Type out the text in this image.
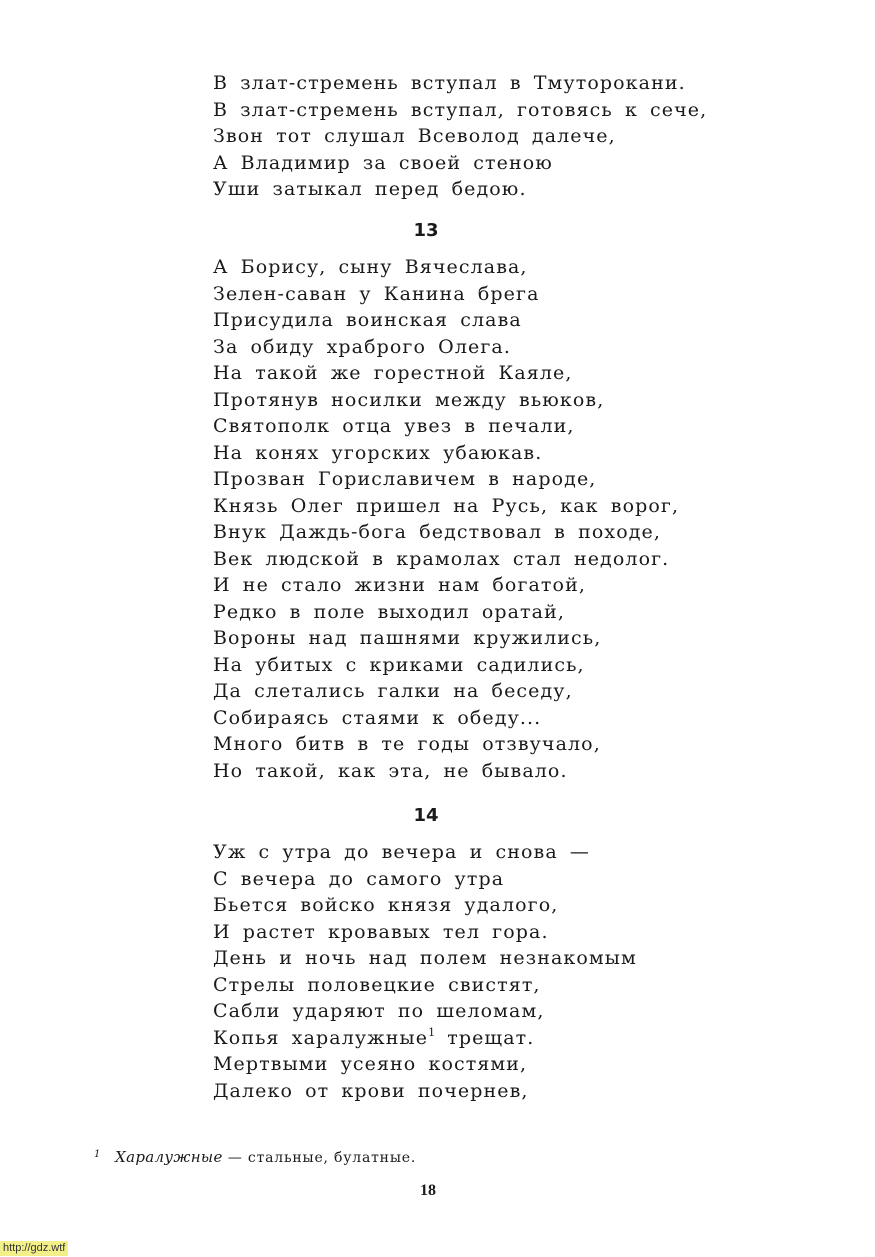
В злат-стремень вступал в Тмуторокани.
В злат-стремень вступал, готовясь к сече,
Звон тот слушал Всеволод далече,
А Владимир за своей стеною
Уши затыкал перед бедою.
13
А Борису, сыну Вячеслава,
Зелен-саван у Канина брега
Присудила воинская слава
За обиду храброго Олега.
На такой же горестной Каяле,
Протянув носилки между вьюков,
Святополк отца увез в печали,
На конях угорских убаюкав.
Прозван Гориславичем в народе,
Князь Олег пришел на Русь, как ворог,
Внук Даждь-бога бедствовал в походе,
Век людской в крамолах стал недолог.
И не стало жизни нам богатой,
Редко в поле выходил оратай,
Вороны над пашнями кружились,
На убитых с криками садились,
Да слетались галки на беседу,
Собираясь стаями к обеду...
Много битв в те годы отзвучало,
Но такой, как эта, не бывало.
14
Уж с утра до вечера и снова —
С вечера до самого утра
Бьется войско князя удалого,
И растет кровавых тел гора.
День и ночь над полем незнакомым
Стрелы половецкие свистят,
Сабли ударяют по шеломам,
Копья харалужные$^1$ трещат.
Мертвыми усеяно костями,
Далеко от крови почернев,
$^1$ Харалужные — стальные, булатные.
18
http://gdz.wtf
